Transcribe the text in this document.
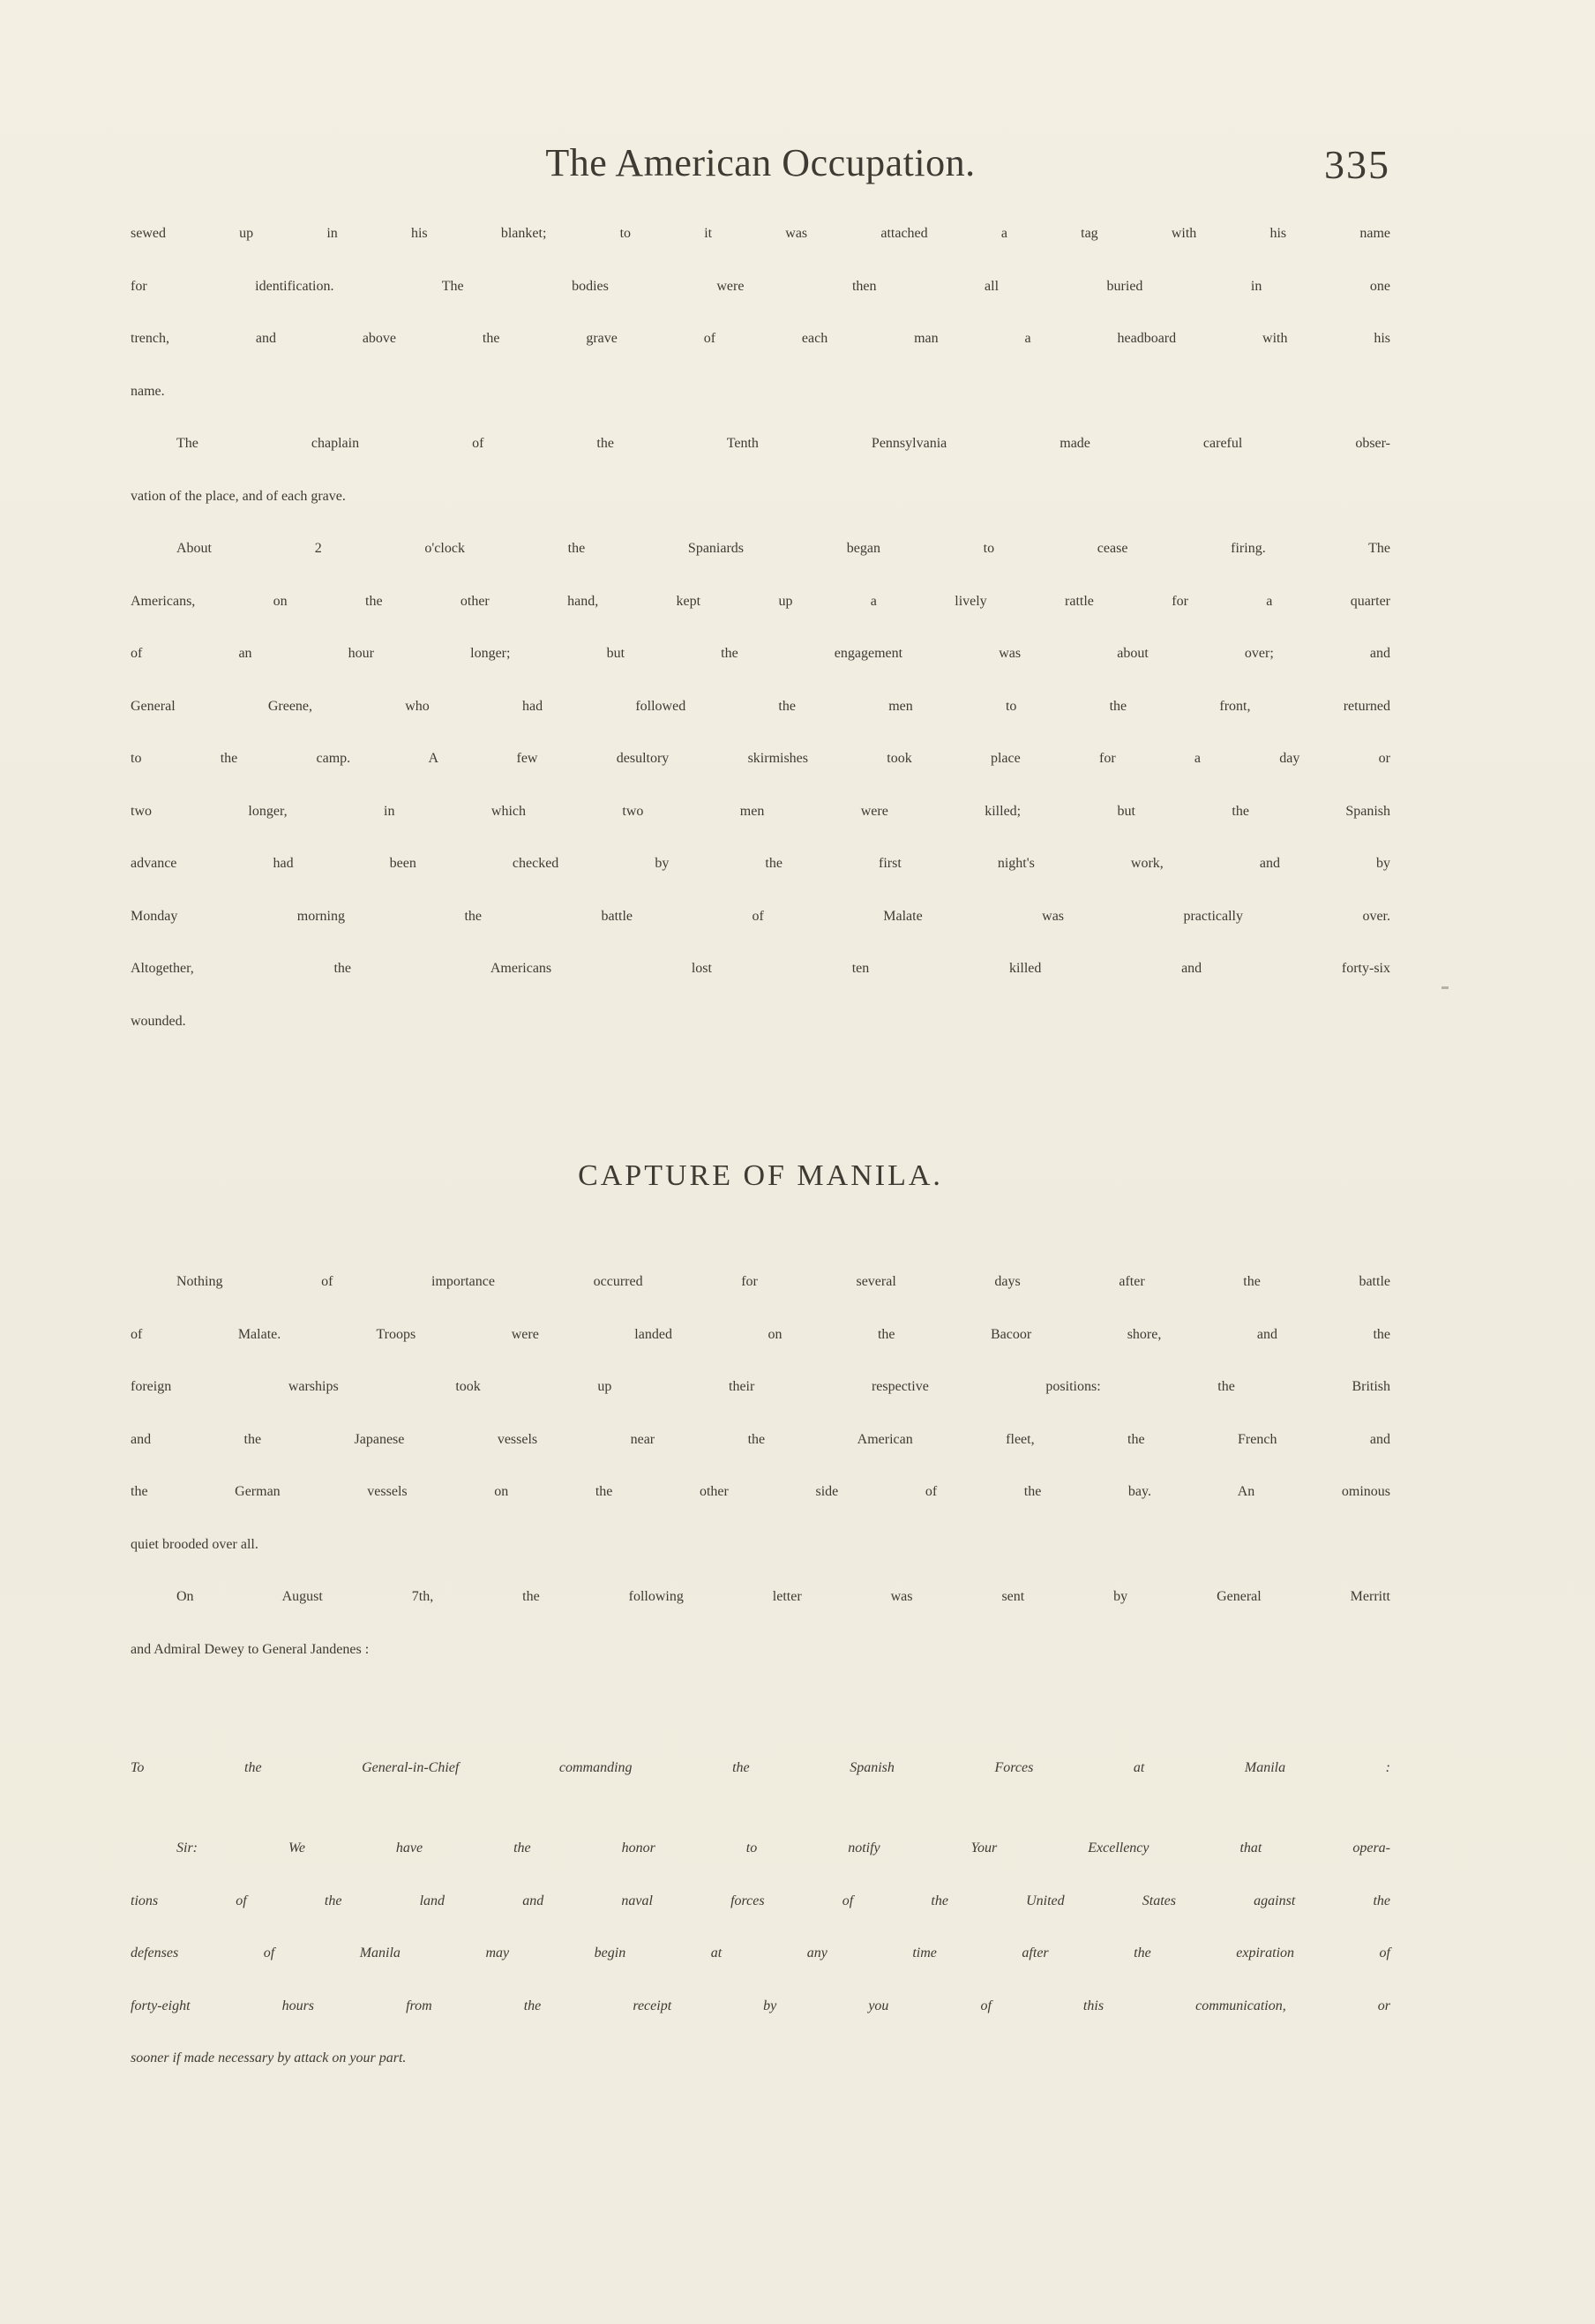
The American Occupation.	335
sewed up in his blanket; to it was attached a tag with his name
for identification. The bodies were then all buried in one
trench, and above the grave of each man a headboard with his
name.
The chaplain of the Tenth Pennsylvania made careful obser-
vation of the place, and of each grave.
About 2 o'clock the Spaniards began to cease firing. The
Americans, on the other hand, kept up a lively rattle for a quarter
of an hour longer; but the engagement was about over; and
General Greene, who had followed the men to the front, returned
to the camp. A few desultory skirmishes took place for a day or
two longer, in which two men were killed; but the Spanish
advance had been checked by the first night's work, and by
Monday morning the battle of Malate was practically over.
Altogether, the Americans lost ten killed and forty-six
wounded.
CAPTURE OF MANILA.
Nothing of importance occurred for several days after the battle
of Malate. Troops were landed on the Bacoor shore, and the
foreign warships took up their respective positions: the British
and the Japanese vessels near the American fleet, the French and
the German vessels on the other side of the bay. An ominous
quiet brooded over all.
On August 7th, the following letter was sent by General Merritt
and Admiral Dewey to General Jandenes :
To the General-in-Chief commanding the Spanish Forces at Manila :
Sir: We have the honor to notify Your Excellency that opera-
tions of the land and naval forces of the United States against the
defenses of Manila may begin at any time after the expiration of
forty-eight hours from the receipt by you of this communication, or
sooner if made necessary by attack on your part.
